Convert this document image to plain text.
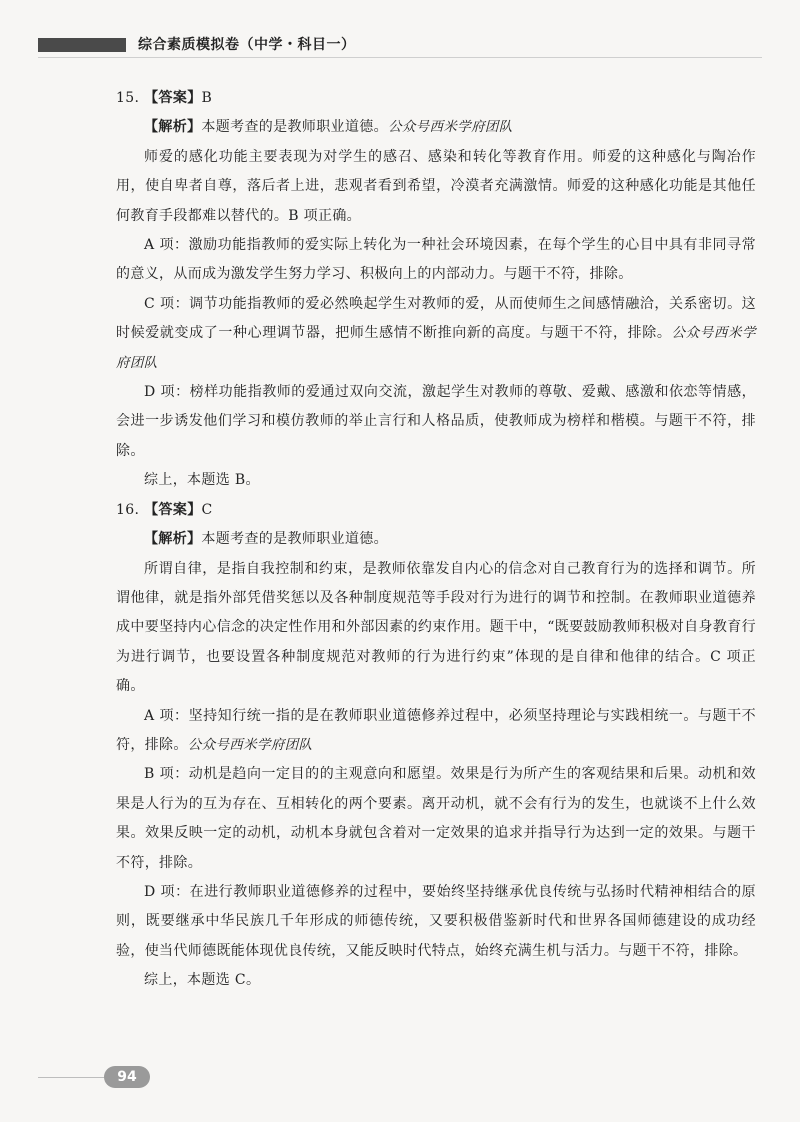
综合素质模拟卷（中学・科目一）

15. 【答案】B

【解析】本题考查的是教师职业道德。公众号西米学府团队

师爱的感化功能主要表现为对学生的感召、感染和转化等教育作用。师爱的这种感化与陶冶作用，使自卑者自尊，落后者上进，悲观者看到希望，冷漠者充满激情。师爱的这种感化功能是其他任何教育手段都难以替代的。B 项正确。

A 项：激励功能指教师的爱实际上转化为一种社会环境因素，在每个学生的心目中具有非同寻常的意义，从而成为激发学生努力学习、积极向上的内部动力。与题干不符，排除。

C 项：调节功能指教师的爱必然唤起学生对教师的爱，从而使师生之间感情融洽，关系密切。这时候爱就变成了一种心理调节器，把师生感情不断推向新的高度。与题干不符，排除。公众号西米学府团队

D 项：榜样功能指教师的爱通过双向交流，激起学生对教师的尊敬、爱戴、感激和依恋等情感，会进一步诱发他们学习和模仿教师的举止言行和人格品质，使教师成为榜样和楷模。与题干不符，排除。

综上，本题选 B。

16. 【答案】C

【解析】本题考查的是教师职业道德。

所谓自律，是指自我控制和约束，是教师依靠发自内心的信念对自己教育行为的选择和调节。所谓他律，就是指外部凭借奖惩以及各种制度规范等手段对行为进行的调节和控制。在教师职业道德养成中要坚持内心信念的决定性作用和外部因素的约束作用。题干中，“既要鼓励教师积极对自身教育行为进行调节，也要设置各种制度规范对教师的行为进行约束”体现的是自律和他律的结合。C 项正确。

A 项：坚持知行统一指的是在教师职业道德修养过程中，必须坚持理论与实践相统一。与题干不符，排除。公众号西米学府团队

B 项：动机是趋向一定目的的主观意向和愿望。效果是行为所产生的客观结果和后果。动机和效果是人行为的互为存在、互相转化的两个要素。离开动机，就不会有行为的发生，也就谈不上什么效果。效果反映一定的动机，动机本身就包含着对一定效果的追求并指导行为达到一定的效果。与题干不符，排除。

D 项：在进行教师职业道德修养的过程中，要始终坚持继承优良传统与弘扬时代精神相结合的原则，既要继承中华民族几千年形成的师德传统，又要积极借鉴新时代和世界各国师德建设的成功经验，使当代师德既能体现优良传统，又能反映时代特点，始终充满生机与活力。与题干不符，排除。

综上，本题选 C。

94
